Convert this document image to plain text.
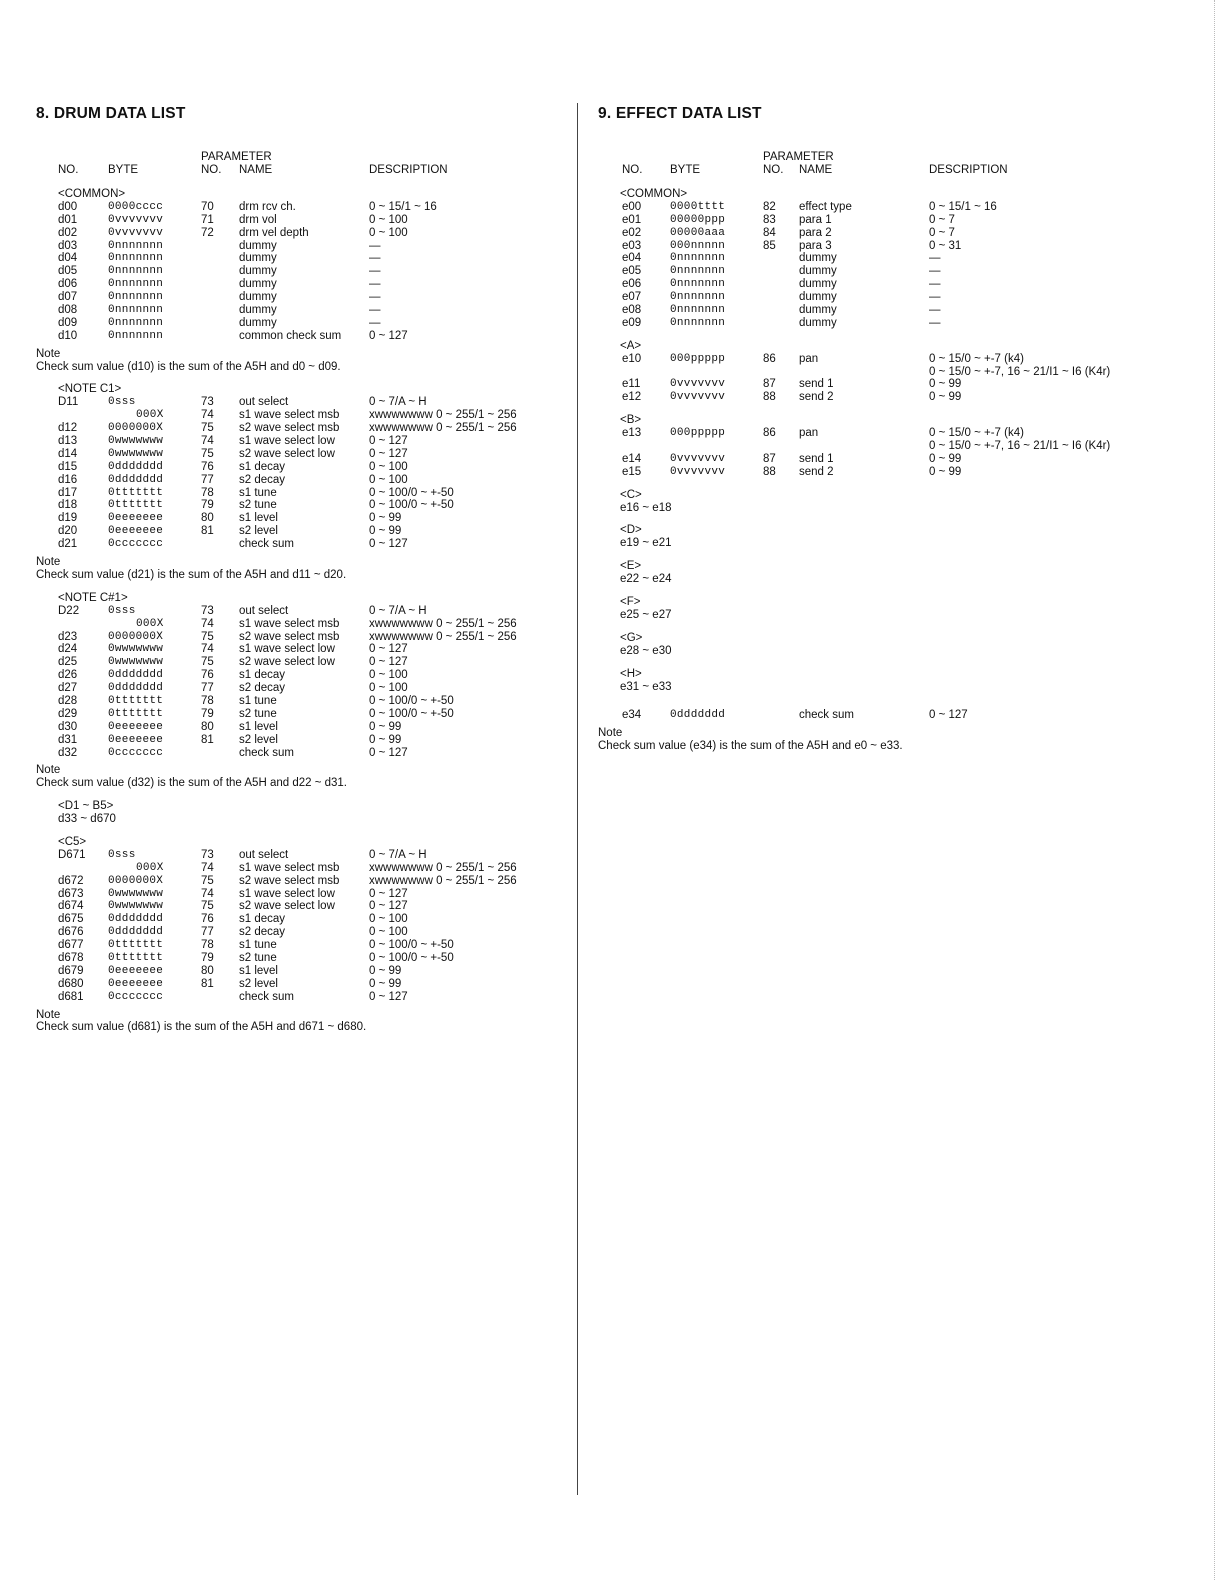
8. DRUM DATA LIST
NO.	BYTE
PARAMETER
NO. NAME	DESCRIPTION
<COMMON>
d00	0000cccc	70 drm rcv ch.	0 ~ 15/1 ~ 16
d01	0vvvvvvv	71 drm vol	0 ~ 100
d02	0vvvvvvv	72 drm vel depth	0 ~ 100
d03	0nnnnnnn	dummy	—
d04	0nnnnnnn	dummy	—
d05	0nnnnnnn	dummy	—
d06	0nnnnnnn	dummy	—
d07	0nnnnnnn	dummy	—
d08	0nnnnnnn	dummy	—
d09	0nnnnnnn	dummy	—
d10	0nnnnnnn	common check sum 0 ~ 127
Note
Check sum value (d10) is the sum of the A5H and d0 ~ d09.
<NOTE C1>
D11	0sss	73 out select	0 ~ 7/A ~ H
000X	74 s1 wave select msb	xwwwwwww 0 ~ 255/1 ~ 256
d12	0000000X	75 s2 wave select msb	xwwwwwww 0 ~ 255/1 ~ 256
d13	0wwwwwww	74 s1 wave select low	0 ~ 127
d14	0wwwwwww	75 s2 wave select low	0 ~ 127
d15	0ddddddd	76 s1 decay	0 ~ 100
d16	0ddddddd	77 s2 decay	0 ~ 100
d17	0ttttttt	78 s1 tune	0 ~ 100/0 ~ +-50
d18	0ttttttt	79 s2 tune	0 ~ 100/0 ~ +-50
d19	0eeeeeee	80 s1 level	0 ~ 99
d20	0eeeeeee	81 s2 level	0 ~ 99
d21	0ccccccc	check sum	0 ~ 127
Note
Check sum value (d21) is the sum of the A5H and d11 ~ d20.
<NOTE C#1>
D22	0sss	73 out select	0 ~ 7/A ~ H
000X	74 s1 wave select msb	xwwwwwww 0 ~ 255/1 ~ 256
d23	0000000X	75 s2 wave select msb	xwwwwwww 0 ~ 255/1 ~ 256
d24	0wwwwwww	74 s1 wave select low	0 ~ 127
d25	0wwwwwww	75 s2 wave select low	0 ~ 127
d26	0ddddddd	76 s1 decay	0 ~ 100
d27	0ddddddd	77 s2 decay	0 ~ 100
d28	0ttttttt	78 s1 tune	0 ~ 100/0 ~ +-50
d29	0ttttttt	79 s2 tune	0 ~ 100/0 ~ +-50
d30	0eeeeeee	80 s1 level	0 ~ 99
d31	0eeeeeee	81 s2 level	0 ~ 99
d32	0ccccccc	check sum	0 ~ 127
Note
Check sum value (d32) is the sum of the A5H and d22 ~ d31.
<D1 ~ B5>
d33 ~ d670
<C5>
D671 0sss	73 out select	0 ~ 7/A ~ H
000X	74 s1 wave select msb	xwwwwwww 0 ~ 255/1 ~ 256
d672 0000000X	75 s2 wave select msb	xwwwwwww 0 ~ 255/1 ~ 256
d673 0wwwwwww	74 s1 wave select low	0 ~ 127
d674 0wwwwwww	75 s2 wave select low	0 ~ 127
d675 0ddddddd	76 s1 decay	0 ~ 100
d676 0ddddddd	77 s2 decay	0 ~ 100
d677 0ttttttt	78 s1 tune	0 ~ 100/0 ~ +-50
d678 0ttttttt	79 s2 tune	0 ~ 100/0 ~ +-50
d679 0eeeeeee	80 s1 level	0 ~ 99
d680 0eeeeeee	81 s2 level	0 ~ 99
d681 0ccccccc	check sum	0 ~ 127
Note
Check sum value (d681) is the sum of the A5H and d671 ~ d680.
9. EFFECT DATA LIST
NO. BYTE
PARAMETER
NO. NAME	DESCRIPTION
<COMMON>
e00	0000tttt	82 effect type	0 ~ 15/1 ~ 16
e01	00000ppp	83 para 1	0 ~ 7
e02	00000aaa	84 para 2	0 ~ 7
e03	000nnnnn	85 para 3	0 ~ 31
e04	0nnnnnnn	dummy	—
e05	0nnnnnnn	dummy	—
e06	0nnnnnnn	dummy	—
e07	0nnnnnnn	dummy	—
e08	0nnnnnnn	dummy	—
e09	0nnnnnnn	dummy	—
<A>
e10	000ppppp	86 pan	0 ~ 15/0 ~ +-7 (k4)
0 ~ 15/0 ~ +-7, 16 ~ 21/I1 ~ I6 (K4r)
e11	0vvvvvvv	87 send 1	0 ~ 99
e12	0vvvvvvv	88 send 2	0 ~ 99
<B>
e13	000ppppp	86 pan	0 ~ 15/0 ~ +-7 (k4)
0 ~ 15/0 ~ +-7, 16 ~ 21/I1 ~ I6 (K4r)
e14	0vvvvvvv	87 send 1	0 ~ 99
e15	0vvvvvvv	88 send 2	0 ~ 99
<C>
e16 ~ e18
<D>
e19 ~ e21
<E>
e22 ~ e24
<F>
e25 ~ e27
<G>
e28 ~ e30
<H>
e31 ~ e33
e34	0ddddddd	check sum	0 ~ 127
Note
Check sum value (e34) is the sum of the A5H and e0 ~ e33.
